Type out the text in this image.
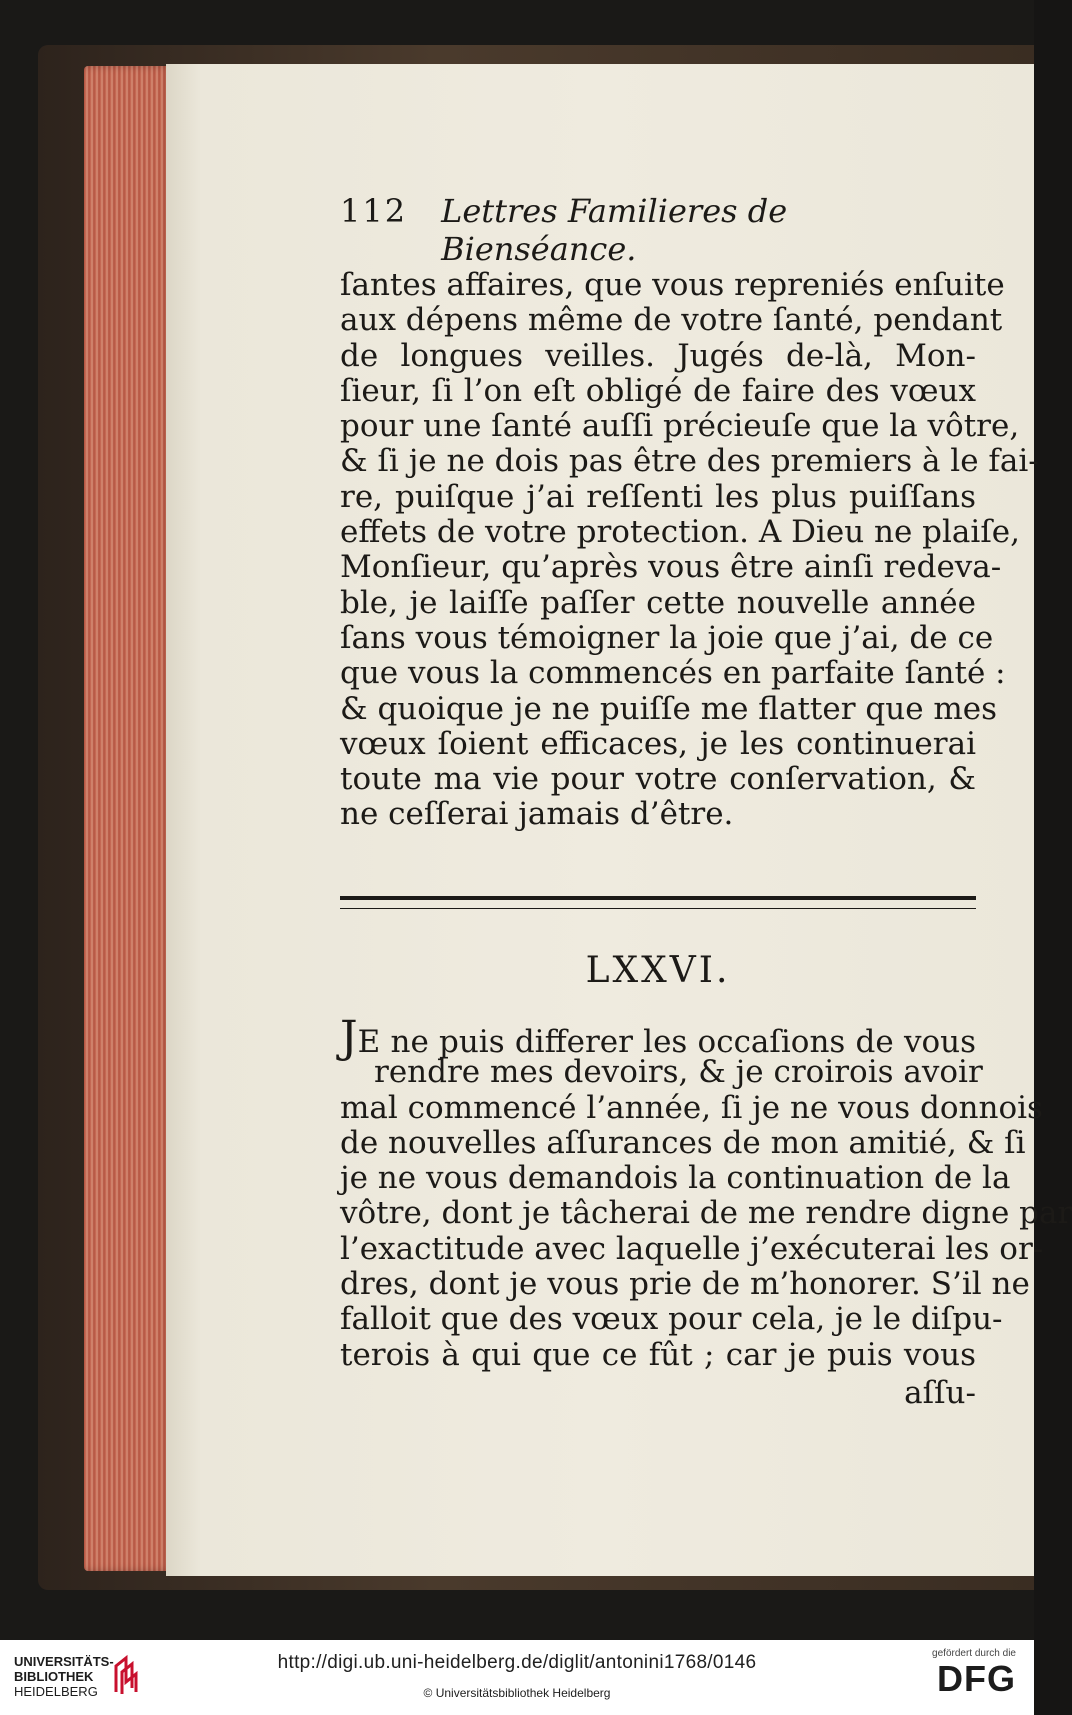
112 Lettres Familieres de Bienséance.
ſantes affaires, que vous repreniés enſuite
aux dépens même de votre ſanté, pendant
de longues veilles. Jugés de-là, Mon-
ſieur, ſi l’on eſt obligé de faire des vœux
pour une ſanté auſſi précieuſe que la vôtre,
& ſi je ne dois pas être des premiers à le fai-
re, puiſque j’ai reſſenti les plus puiſſans
effets de votre protection. A Dieu ne plaiſe,
Monſieur, qu’après vous être ainſi redeva-
ble, je laiſſe paſſer cette nouvelle année
ſans vous témoigner la joie que j’ai, de ce
que vous la commencés en parfaite ſanté :
& quoique je ne puiſſe me flatter que mes
vœux ſoient efficaces, je les continuerai
toute ma vie pour votre conſervation, &
ne ceſſerai jamais d’être.
LXXVI.
JE ne puis differer les occaſions de vous
rendre mes devoirs, & je croirois avoir
mal commencé l’année, ſi je ne vous donnois
de nouvelles aſſurances de mon amitié, & ſi
je ne vous demandois la continuation de la
vôtre, dont je tâcherai de me rendre digne par
l’exactitude avec laquelle j’exécuterai les or-
dres, dont je vous prie de m’honorer. S’il ne
falloit que des vœux pour cela, je le diſpu-
terois à qui que ce fût ; car je puis vous
aſſu-
UNIVERSITÄTS-
BIBLIOTHEK
HEIDELBERG
http://digi.ub.uni-heidelberg.de/diglit/antonini1768/0146
© Universitätsbibliothek Heidelberg
gefördert durch die
DFG
